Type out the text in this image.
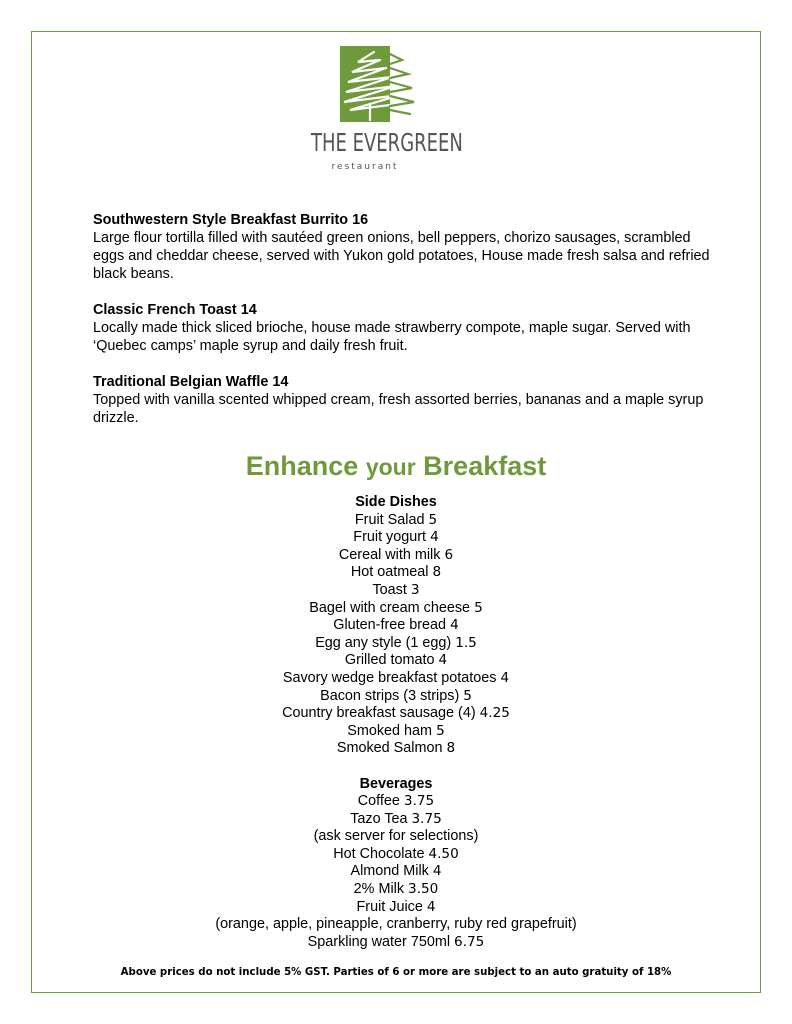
THE EVERGREEN
restaurant
Southwestern Style Breakfast Burrito 16
Large flour tortilla filled with sautéed green onions, bell peppers, chorizo sausages, scrambled eggs and cheddar cheese, served with Yukon gold potatoes, House made fresh salsa and refried black beans.
Classic French Toast 14
Locally made thick sliced brioche, house made strawberry compote, maple sugar. Served with ‘Quebec camps’ maple syrup and daily fresh fruit.
Traditional Belgian Waffle 14
Topped with vanilla scented whipped cream, fresh assorted berries, bananas and a maple syrup drizzle.
Enhance your Breakfast
Side Dishes
Fruit Salad 5
Fruit yogurt 4
Cereal with milk 6
Hot oatmeal 8
Toast 3
Bagel with cream cheese 5
Gluten-free bread 4
Egg any style (1 egg) 1.5
Grilled tomato 4
Savory wedge breakfast potatoes 4
Bacon strips (3 strips) 5
Country breakfast sausage (4) 4.25
Smoked ham 5
Smoked Salmon 8
Beverages
Coffee 3.75
Tazo Tea 3.75
(ask server for selections)
Hot Chocolate 4.50
Almond Milk 4
2% Milk 3.50
Fruit Juice 4
(orange, apple, pineapple, cranberry, ruby red grapefruit)
Sparkling water 750ml 6.75
Above prices do not include 5% GST. Parties of 6 or more are subject to an auto gratuity of 18%
